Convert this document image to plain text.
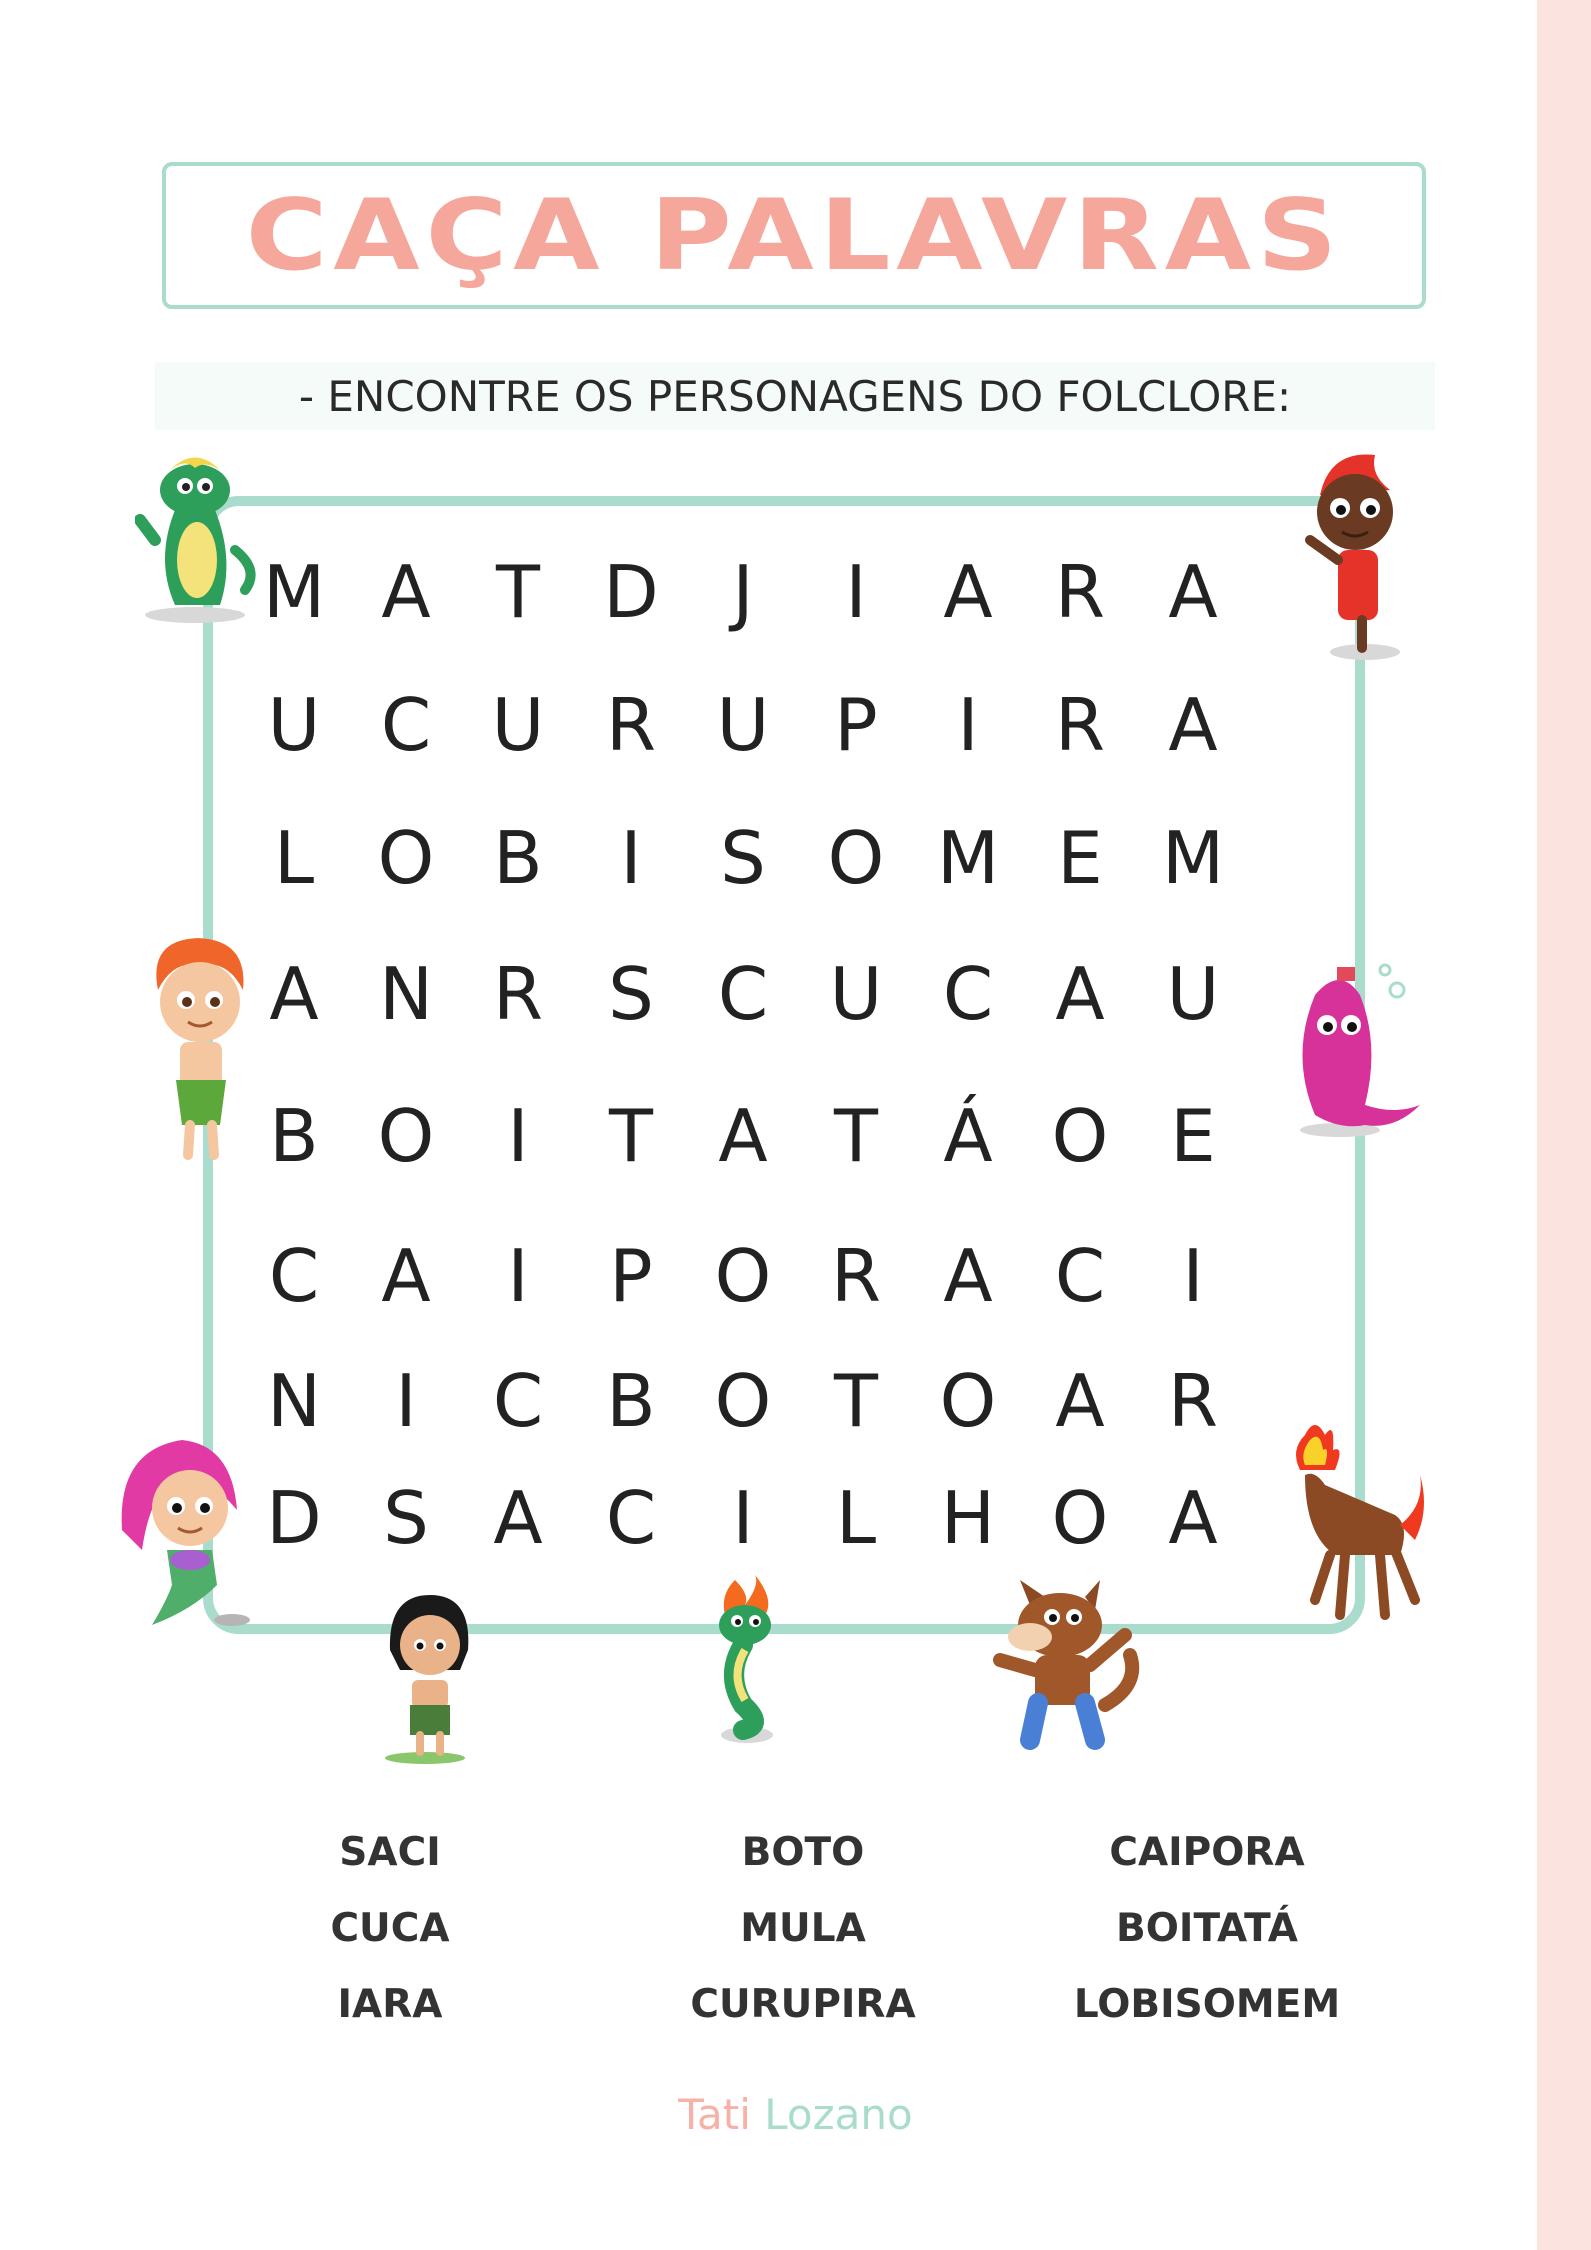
CAÇA PALAVRAS
- ENCONTRE OS PERSONAGENS DO FOLCLORE:
M A T D	J	I	A R A
U C U R U P	I	R A
L O B	I	S O M E M
A N R S C U C A U
B O	I	T A T Á O E
C A	I	P O R A C	I
N	I	C B O T O A R
D S A C	I	L H O A
SACI
CUCA
IARA
BOTO
MULA
CURUPIRA
CAIPORA
BOITATÁ
LOBISOMEM
Tati Lozano
